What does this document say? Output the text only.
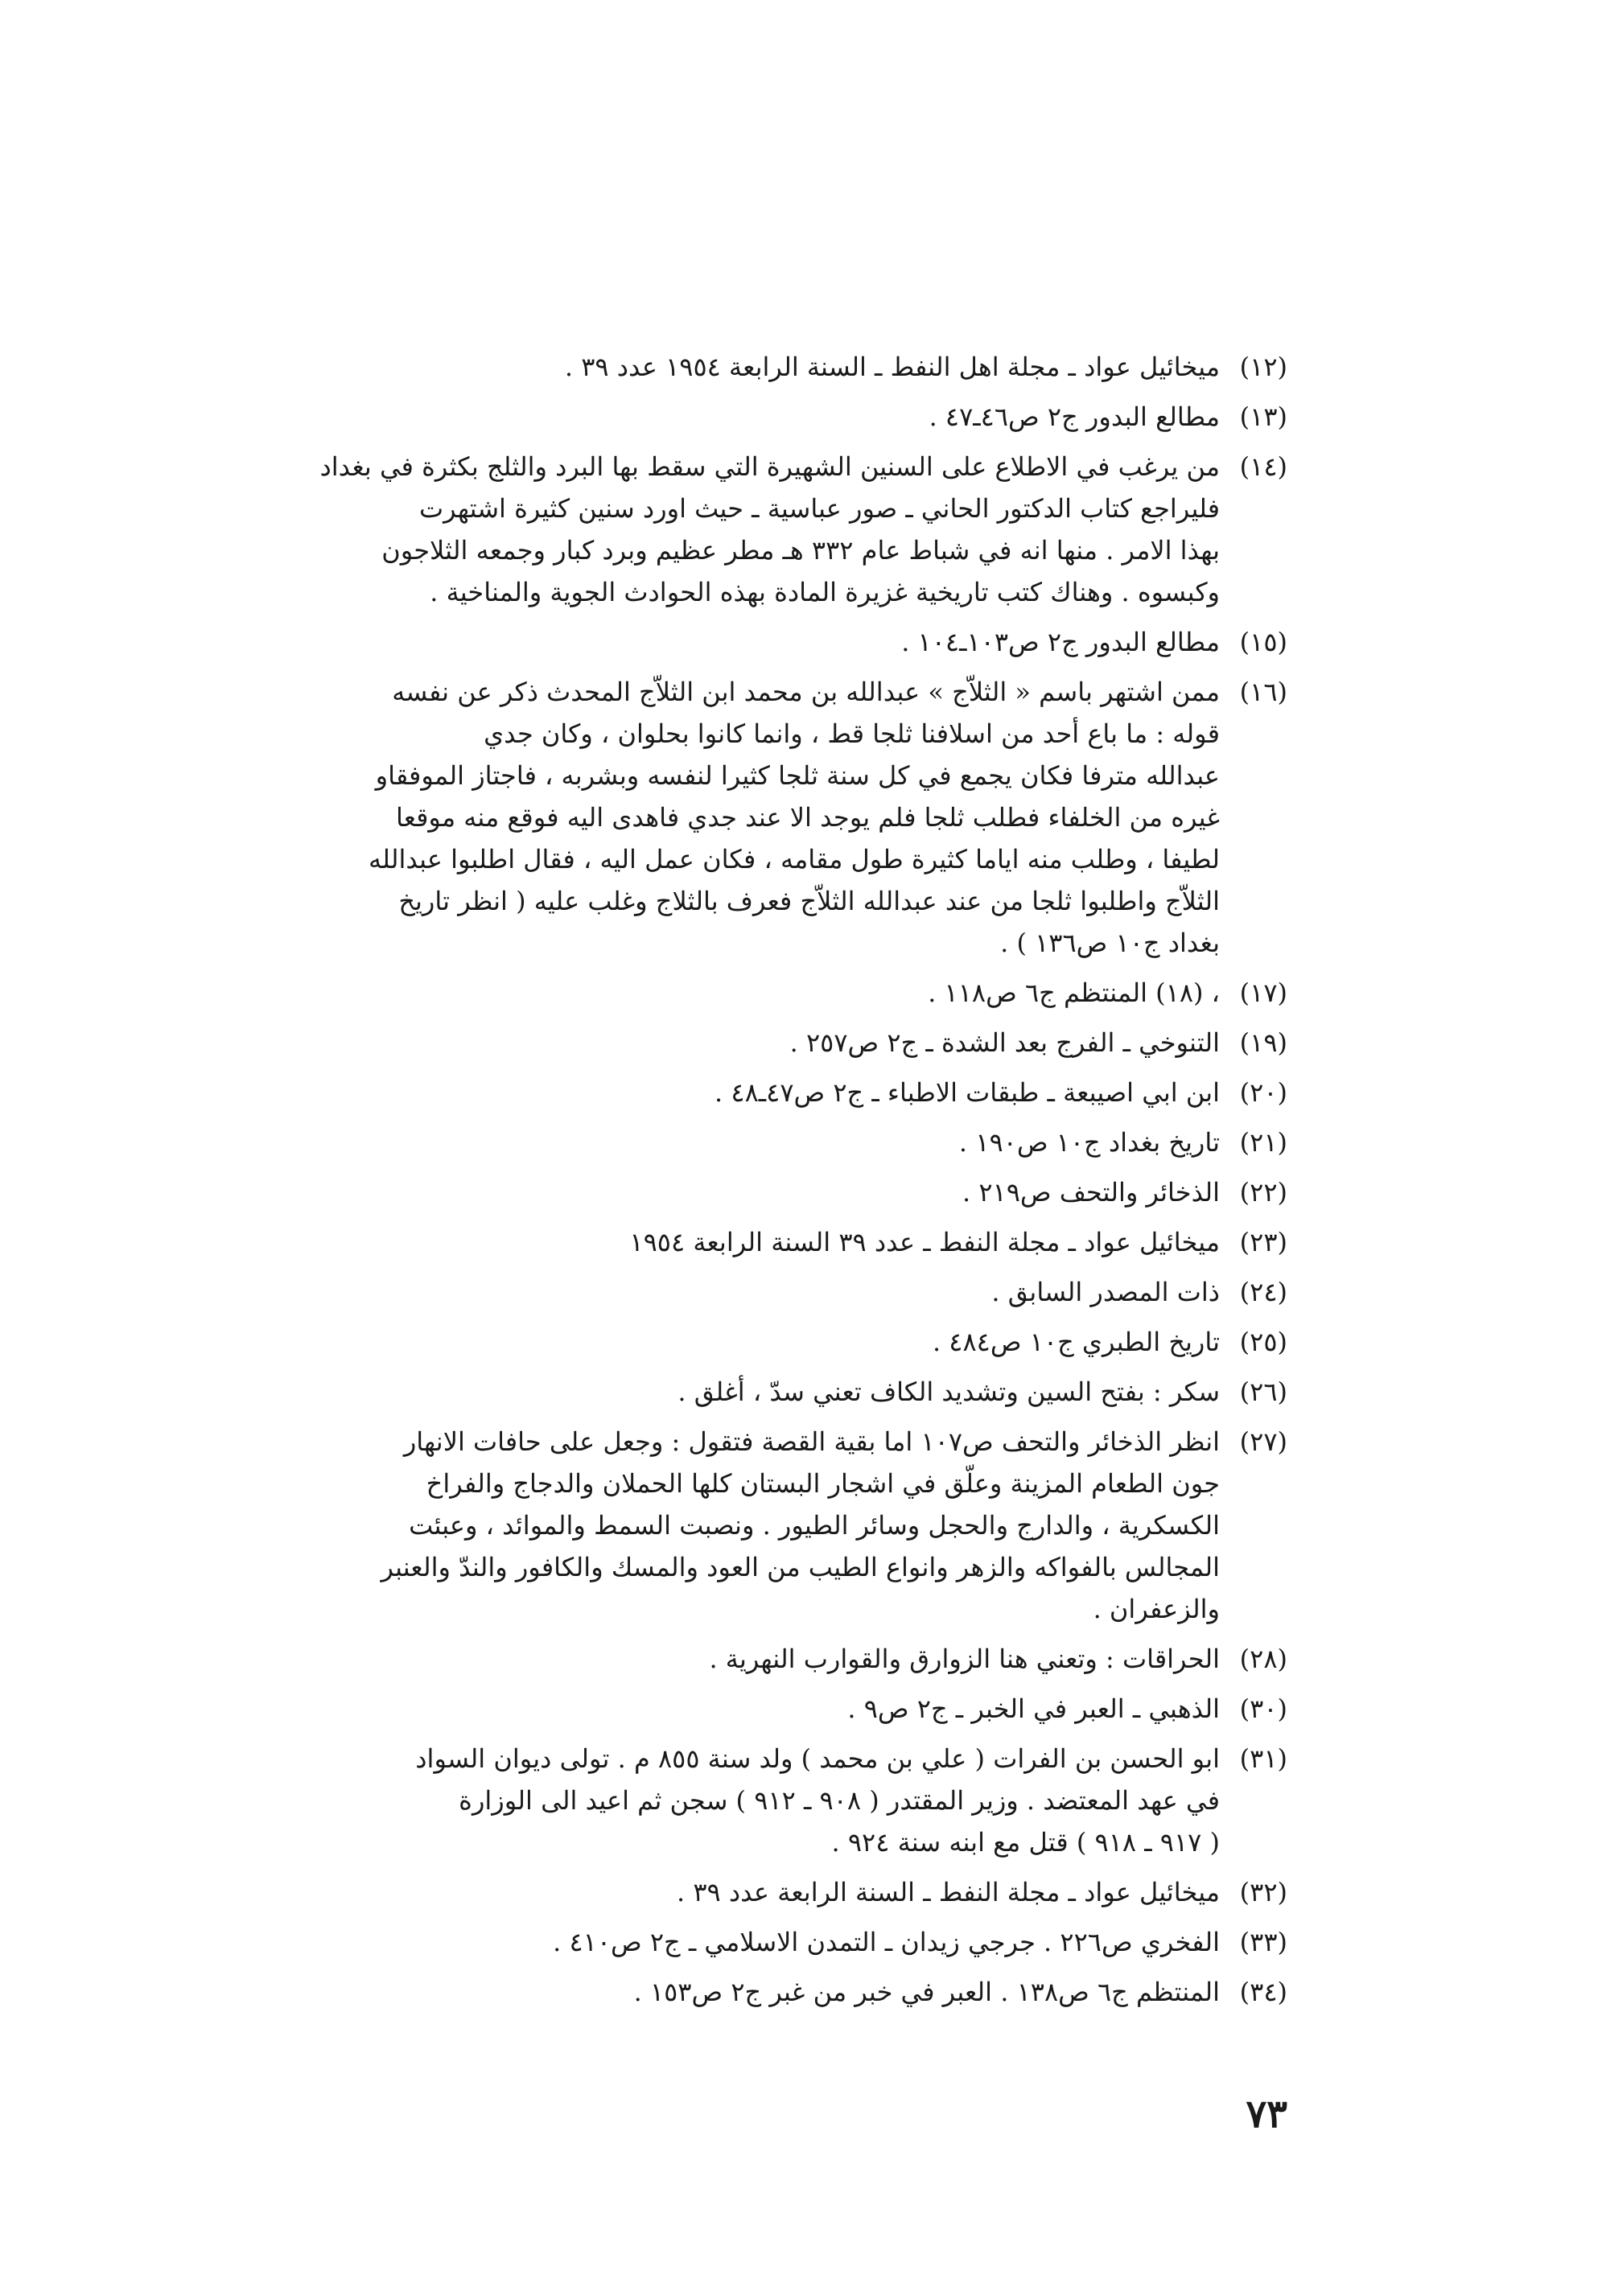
(١٢)
ميخائيل عواد ـ مجلة اهل النفط ـ السنة الرابعة ١٩٥٤ عدد ٣٩ .
(١٣)
مطالع البدور ج٢ ص٤٦ـ٤٧ .
(١٤)
من يرغب في الاطلاع على السنين الشهيرة التي سقط بها البرد والثلج بكثرة في بغداد
فليراجع كتاب الدكتور الحاني ـ صور عباسية ـ حيث اورد سنين كثيرة اشتهرت
بهذا الامر . منها انه في شباط عام ٣٣٢ هـ مطر عظيم وبرد كبار وجمعه الثلاجون
وكبسوه . وهناك كتب تاريخية غزيرة المادة بهذه الحوادث الجوية والمناخية .
(١٥)
مطالع البدور ج٢ ص١٠٣ـ١٠٤ .
(١٦)
ممن اشتهر باسم « الثلاّج » عبدالله بن محمد ابن الثلاّج المحدث ذكر عن نفسه
قوله : ما باع أحد من اسلافنا ثلجا قط ، وانما كانوا بحلوان ، وكان جدي
عبدالله مترفا فكان يجمع في كل سنة ثلجا كثيرا لنفسه وبشربه ، فاجتاز الموفقاو
غيره من الخلفاء فطلب ثلجا فلم يوجد الا عند جدي فاهدى اليه فوقع منه موقعا
لطيفا ، وطلب منه اياما كثيرة طول مقامه ، فكان عمل اليه ، فقال اطلبوا عبدالله
الثلاّج واطلبوا ثلجا من عند عبدالله الثلاّج فعرف بالثلاج وغلب عليه ( انظر تاريخ
بغداد ج١٠ ص١٣٦ ) .
(١٧)
، (١٨) المنتظم ج٦ ص١١٨ .
(١٩)
التنوخي ـ الفرج بعد الشدة ـ ج٢ ص٢٥٧ .
(٢٠)
ابن ابي اصيبعة ـ طبقات الاطباء ـ ج٢ ص٤٧ـ٤٨ .
(٢١)
تاريخ بغداد ج١٠ ص١٩٠ .
(٢٢)
الذخائر والتحف ص٢١٩ .
(٢٣)
ميخائيل عواد ـ مجلة النفط ـ عدد ٣٩ السنة الرابعة ١٩٥٤
(٢٤)
ذات المصدر السابق .
(٢٥)
تاريخ الطبري ج١٠ ص٤٨٤ .
(٢٦)
سكر : بفتح السين وتشديد الكاف تعني سدّ ، أغلق .
(٢٧)
انظر الذخائر والتحف ص١٠٧ اما بقية القصة فتقول : وجعل على حافات الانهار
جون الطعام المزينة وعلّق في اشجار البستان كلها الحملان والدجاج والفراخ
الكسكرية ، والدارج والحجل وسائر الطيور . ونصبت السمط والموائد ، وعبئت
المجالس بالفواكه والزهر وانواع الطيب من العود والمسك والكافور والندّ والعنبر
والزعفران .
(٢٨)
الحراقات : وتعني هنا الزوارق والقوارب النهرية .
(٣٠)
الذهبي ـ العبر في الخبر ـ ج٢ ص٩ .
(٣١)
ابو الحسن بن الفرات ( علي بن محمد ) ولد سنة ٨٥٥ م . تولى ديوان السواد
في عهد المعتضد . وزير المقتدر ( ٩٠٨ ـ ٩١٢ ) سجن ثم اعيد الى الوزارة
( ٩١٧ ـ ٩١٨ ) قتل مع ابنه سنة ٩٢٤ .
(٣٢)
ميخائيل عواد ـ مجلة النفط ـ السنة الرابعة عدد ٣٩ .
(٣٣)
الفخري ص٢٢٦ . جرجي زيدان ـ التمدن الاسلامي ـ ج٢ ص٤١٠ .
(٣٤)
المنتظم ج٦ ص١٣٨ . العبر في خبر من غبر ج٢ ص١٥٣ .
٧٣
